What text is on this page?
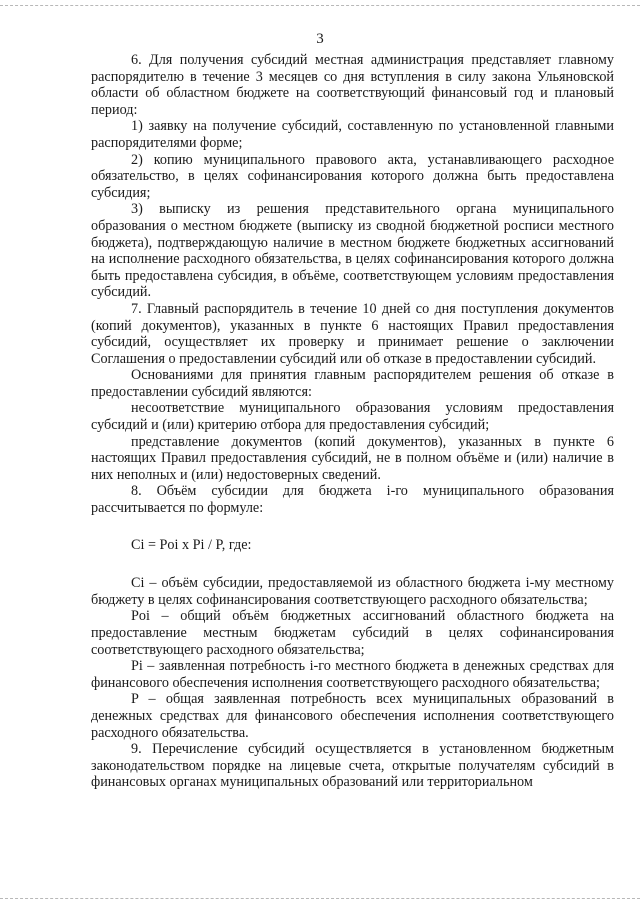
3

6. Для получения субсидий местная администрация представляет главному распорядителю в течение 3 месяцев со дня вступления в силу закона Ульяновской области об областном бюджете на соответствующий финансовый год и плановый период:

1) заявку на получение субсидий, составленную по установленной главными распорядителями форме;

2) копию муниципального правового акта, устанавливающего расходное обязательство, в целях софинансирования которого должна быть предоставлена субсидия;

3) выписку из решения представительного органа муниципального образования о местном бюджете (выписку из сводной бюджетной росписи местного бюджета), подтверждающую наличие в местном бюджете бюджетных ассигнований на исполнение расходного обязательства, в целях софинансирования которого должна быть предоставлена субсидия, в объёме, соответствующем условиям предоставления субсидий.

7. Главный распорядитель в течение 10 дней со дня поступления документов (копий документов), указанных в пункте 6 настоящих Правил предоставления субсидий, осуществляет их проверку и принимает решение о заключении Соглашения о предоставлении субсидий или об отказе в предоставлении субсидий.

Основаниями для принятия главным распорядителем решения об отказе в предоставлении субсидий являются:

несоответствие муниципального образования условиям предоставления субсидий и (или) критерию отбора для предоставления субсидий;

представление документов (копий документов), указанных в пункте 6 настоящих Правил предоставления субсидий, не в полном объёме и (или) наличие в них неполных и (или) недостоверных сведений.

8. Объём субсидии для бюджета i-го муниципального образования рассчитывается по формуле:

Ci = Poi x Pi / P, где:

Ci – объём субсидии, предоставляемой из областного бюджета i-му местному бюджету в целях софинансирования соответствующего расходного обязательства;

Poi – общий объём бюджетных ассигнований областного бюджета на предоставление местным бюджетам субсидий в целях софинансирования соответствующего расходного обязательства;

Pi – заявленная потребность i-го местного бюджета в денежных средствах для финансового обеспечения исполнения соответствующего расходного обязательства;

P – общая заявленная потребность всех муниципальных образований в денежных средствах для финансового обеспечения исполнения соответствующего расходного обязательства.

9. Перечисление субсидий осуществляется в установленном бюджетным законодательством порядке на лицевые счета, открытые получателям субсидий в финансовых органах муниципальных образований или территориальном
